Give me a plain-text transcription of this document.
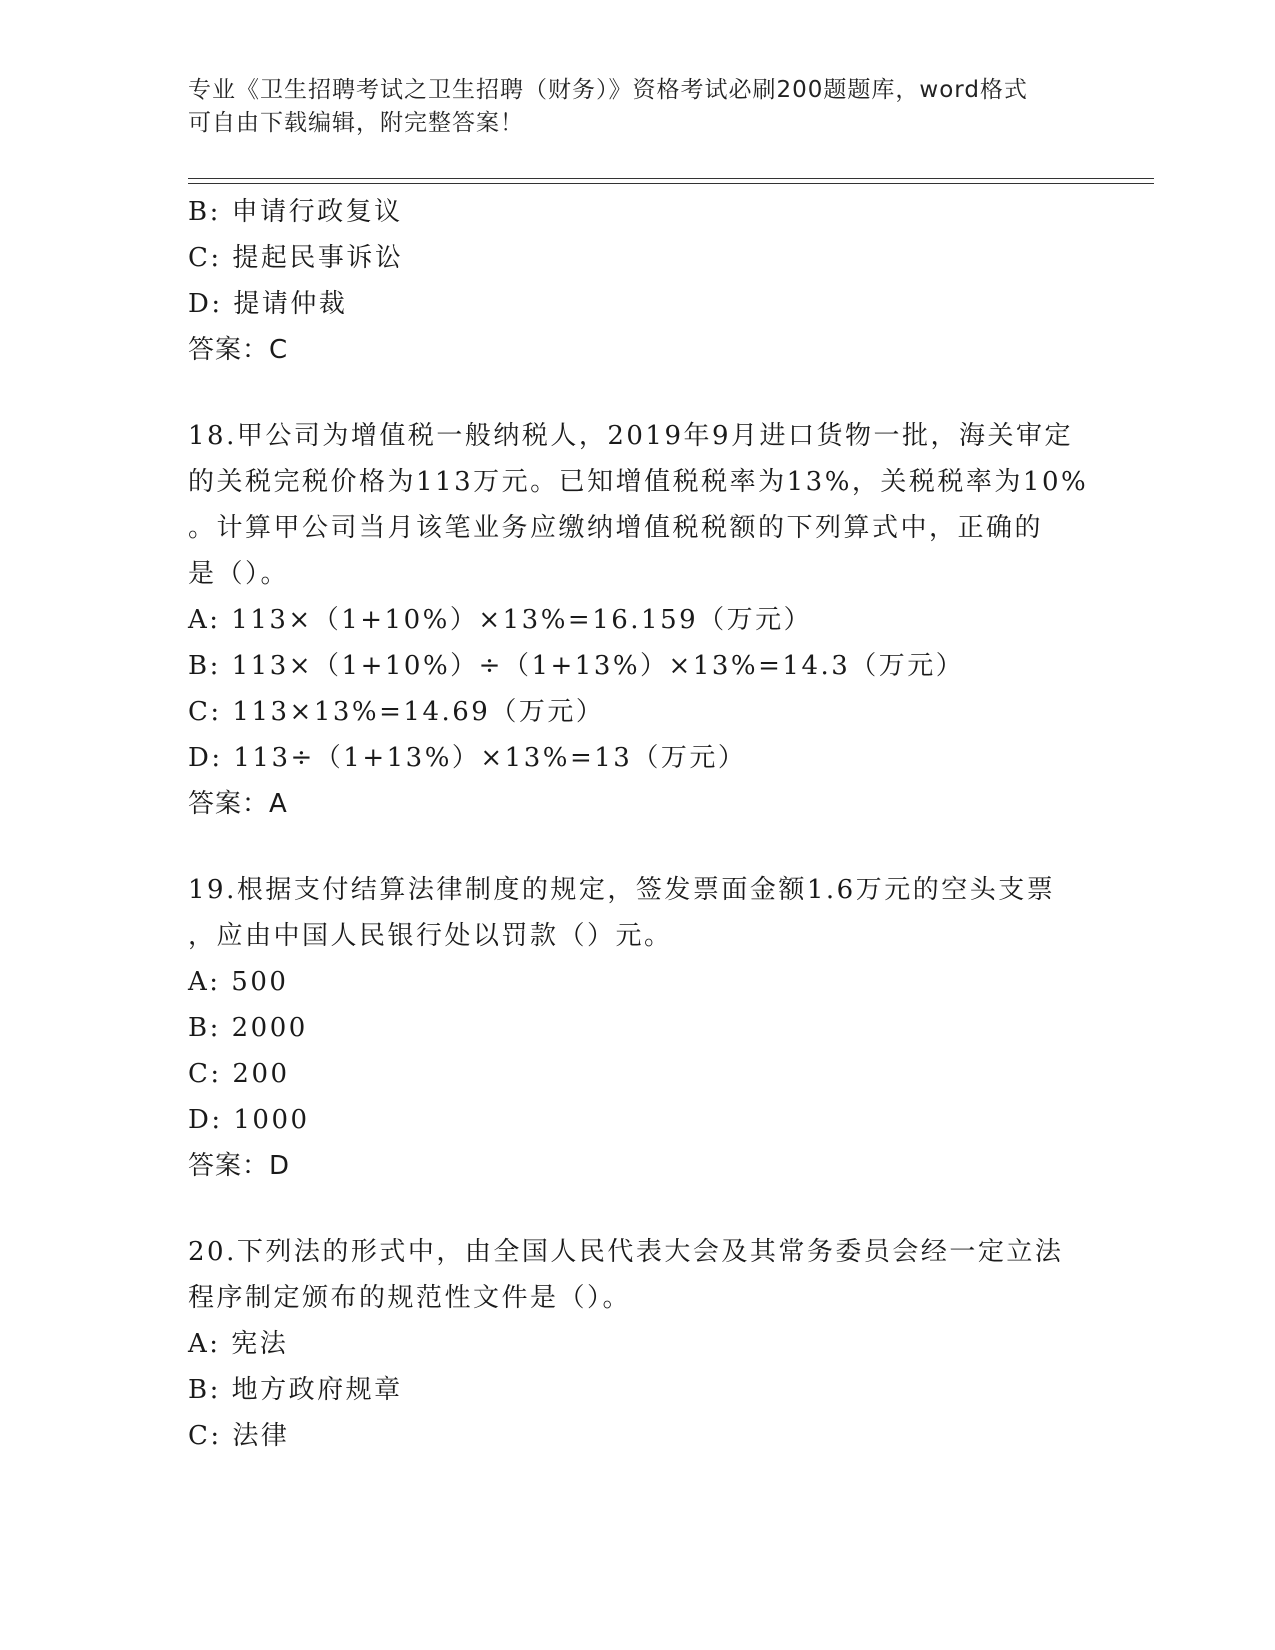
专业《卫生招聘考试之卫生招聘（财务）》资格考试必刷200题题库，word格式
可自由下载编辑，附完整答案！
B: 申请行政复议
C: 提起民事诉讼
D: 提请仲裁
答案：C
18.甲公司为增值税一般纳税人，2019年9月进口货物一批，海关审定
的关税完税价格为113万元。已知增值税税率为13%，关税税率为10%
。计算甲公司当月该笔业务应缴纳增值税税额的下列算式中，正确的
是（）。
A: 113×（1+10%）×13%=16.159（万元）
B: 113×（1+10%）÷（1+13%）×13%=14.3（万元）
C: 113×13%=14.69（万元）
D: 113÷（1+13%）×13%=13（万元）
答案：A
19.根据支付结算法律制度的规定，签发票面金额1.6万元的空头支票
，应由中国人民银行处以罚款（）元。
A: 500
B: 2000
C: 200
D: 1000
答案：D
20.下列法的形式中，由全国人民代表大会及其常务委员会经一定立法
程序制定颁布的规范性文件是（）。
A: 宪法
B: 地方政府规章
C: 法律
